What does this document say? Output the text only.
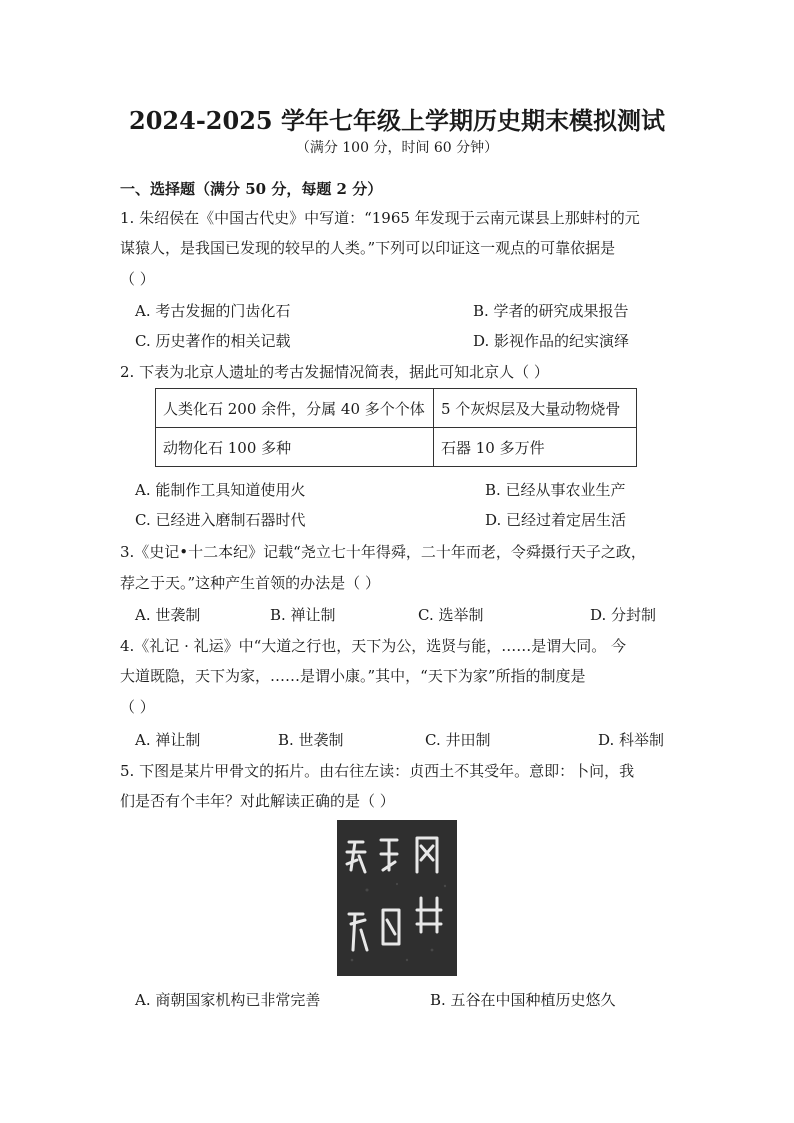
2024-2025 学年七年级上学期历史期末模拟测试
（满分 100 分，时间 60 分钟）
一、选择题（满分 50 分，每题 2 分）
1. 朱绍侯在《中国古代史》中写道：“1965 年发现于云南元谋县上那蚌村的元
谋猿人，是我国已发现的较早的人类。”下列可以印证这一观点的可靠依据是
（ ）
A. 考古发掘的门齿化石	B. 学者的研究成果报告
C. 历史著作的相关记载	D. 影视作品的纪实演绎
2. 下表为北京人遗址的考古发掘情况简表，据此可知北京人（ ）
人类化石 200 余件，分属 40 多个个体	5 个灰烬层及大量动物烧骨
动物化石 100 多种	石器 10 多万件
A. 能制作工具知道使用火	B. 已经从事农业生产
C. 已经进入磨制石器时代	D. 已经过着定居生活
3.《史记•十二本纪》记载“尧立七十年得舜，二十年而老，令舜摄行天子之政，
荐之于天。”这种产生首领的办法是（ ）
A. 世袭制	B. 禅让制	C. 选举制	D. 分封制
4.《礼记 · 礼运》中“大道之行也，天下为公，选贤与能，……是谓大同。 今
大道既隐，天下为家，……是谓小康。”其中，“天下为家”所指的制度是
（ ）
A. 禅让制	B. 世袭制	C. 井田制	D. 科举制
5. 下图是某片甲骨文的拓片。由右往左读：贞西土不其受年。意即：卜问，我
们是否有个丰年？对此解读正确的是（ ）
A. 商朝国家机构已非常完善	B. 五谷在中国种植历史悠久
